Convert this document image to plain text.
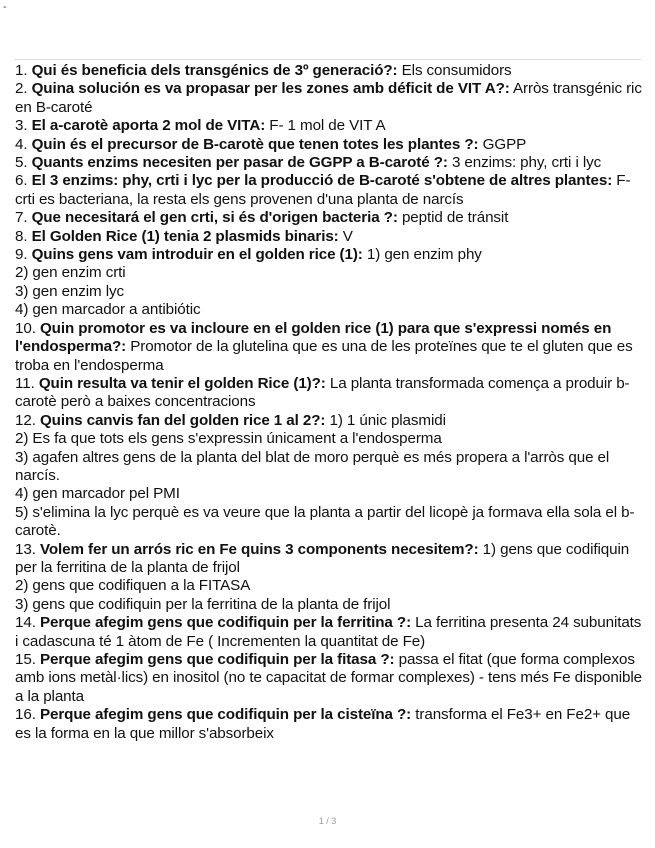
-

1. Qui és beneficia dels transgénics de 3º generació?: Els consumidors

2. Quina solución es va propasar per les zones amb déficit de VIT A?: Arròs transgénic ric en B-caroté

3. El a-carotè aporta 2 mol de VITA: F- 1 mol de VIT A

4. Quin és el precursor de B-carotè que tenen totes les plantes ?: GGPP

5. Quants enzims necesiten per pasar de GGPP a B-caroté ?: 3 enzims: phy, crti i lyc

6. El 3 enzims: phy, crti i lyc per la producció de B-caroté s'obtene de altres plantes: F- crti es bacteriana, la resta els gens provenen d'una planta de narcís

7. Que necesitará el gen crti, si és d'origen bacteria ?: peptid de tránsit

8. El Golden Rice (1) tenia 2 plasmids binaris: V

9. Quins gens vam introduir en el golden rice (1): 1) gen enzim phy

2) gen enzim crti

3) gen enzim lyc

4) gen marcador a antibiótic

10. Quin promotor es va incloure en el golden rice (1) para que s'expressi només en l'endosperma?: Promotor de la glutelina que es una de les proteïnes que te el gluten que es troba en l'endosperma

11. Quin resulta va tenir el golden Rice (1)?: La planta transformada comença a produir b-carotè però a baixes concentracions

12. Quins canvis fan del golden rice 1 al 2?: 1) 1 únic plasmidi

2) Es fa que tots els gens s'expressin únicament a l'endosperma

3) agafen altres gens de la planta del blat de moro perquè es més propera a l'arròs que el narcís.

4) gen marcador pel PMI

5) s'elimina la lyc perquè es va veure que la planta a partir del licopè ja formava ella sola el b-carotè.

13. Volem fer un arrós ric en Fe quins 3 components necesitem?: 1) gens que codifiquin per la ferritina de la planta de frijol

2) gens que codifiquen a la FITASA

3) gens que codifiquin per la ferritina de la planta de frijol

14. Perque afegim gens que codifiquin per la ferritina ?: La ferritina presenta 24 subunitats i cadascuna té 1 àtom de Fe ( Incrementen la quantitat de Fe)

15. Perque afegim gens que codifiquin per la fitasa ?: passa el fitat (que forma complexos amb ions metàl·lics) en inositol (no te capacitat de formar complexes) - tens més Fe disponible a la planta

16. Perque afegim gens que codifiquin per la cisteïna ?: transforma el Fe3+ en Fe2+ que es la forma en la que millor s'absorbeix

1 / 3
